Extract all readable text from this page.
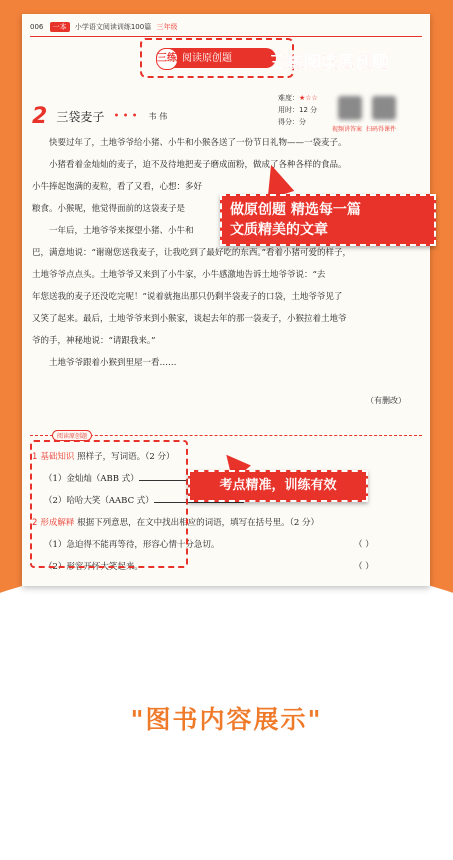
006 一本 小学语文阅读训练100篇 三年级
三练 阅读原创题
2 三袋麦子 • • • 韦 伟
难度：★☆☆
用时：12 分
得分：分
视频讲答案 扫码得课件
快要过年了，土地爷爷给小猪、小牛和小猴各送了一份节日礼物——一袋麦子。
小猪看着金灿灿的麦子，迫不及待地把麦子磨成面粉，做成了各种各样的食品。
小牛捧起饱满的麦粒，看了又看，心想：多好
粮食。小猴呢，他觉得面前的这袋麦子是
一年后，土地爷爷来探望小猪、小牛和
巴，满意地说：“谢谢您送我麦子，让我吃到了最好吃的东西。”看着小猪可爱的样子，
土地爷爷点点头。土地爷爷又来到了小牛家，小牛感激地告诉土地爷爷说：“去
年您送我的麦子还没吃完呢！”说着就拖出那只仍剩半袋麦子的口袋，土地爷爷见了
又笑了起来。最后，土地爷爷来到小猴家，谈起去年的那一袋麦子，小猴拉着土地爷
爷的手，神秘地说：“请跟我来。”
土地爷爷跟着小猴到里屋一看……
（有删改）
阅读原创题
1 基础知识 照样子，写词语。（2 分）
（1）金灿灿（ABB 式）
（2）哈哈大笑（AABC 式）
2 形成解释 根据下列意思，在文中找出相应的词语，填写在括号里。（2 分）
（1）急迫得不能再等待，形容心情十分急切。	（ ）
（2）形容开怀大笑起来。	（ ）
三练阅读原创题
做原创题 精选每一篇
文质精美的文章
考点精准，训练有效
"图书内容展示"
